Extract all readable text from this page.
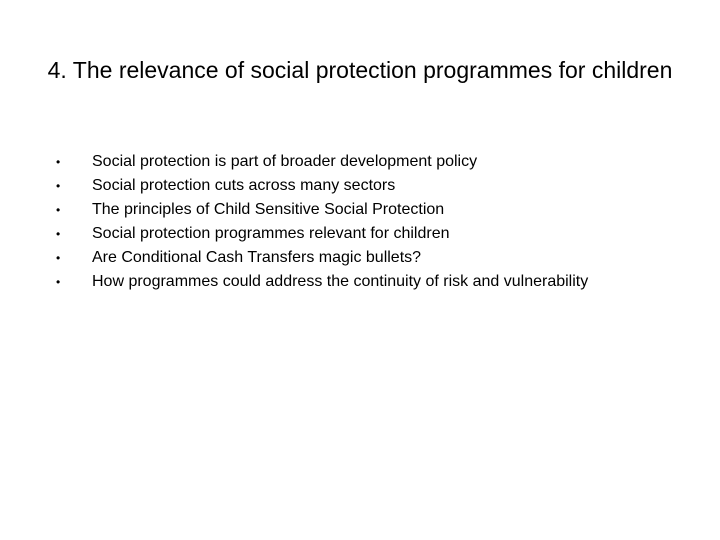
4. The relevance of social protection programmes for children
•	Social protection is part of broader development policy
•	Social protection cuts across many sectors
•	The principles of Child Sensitive Social Protection
•	Social protection programmes relevant for children
•	Are Conditional Cash Transfers magic bullets?
•	How programmes could address the continuity of risk and vulnerability
